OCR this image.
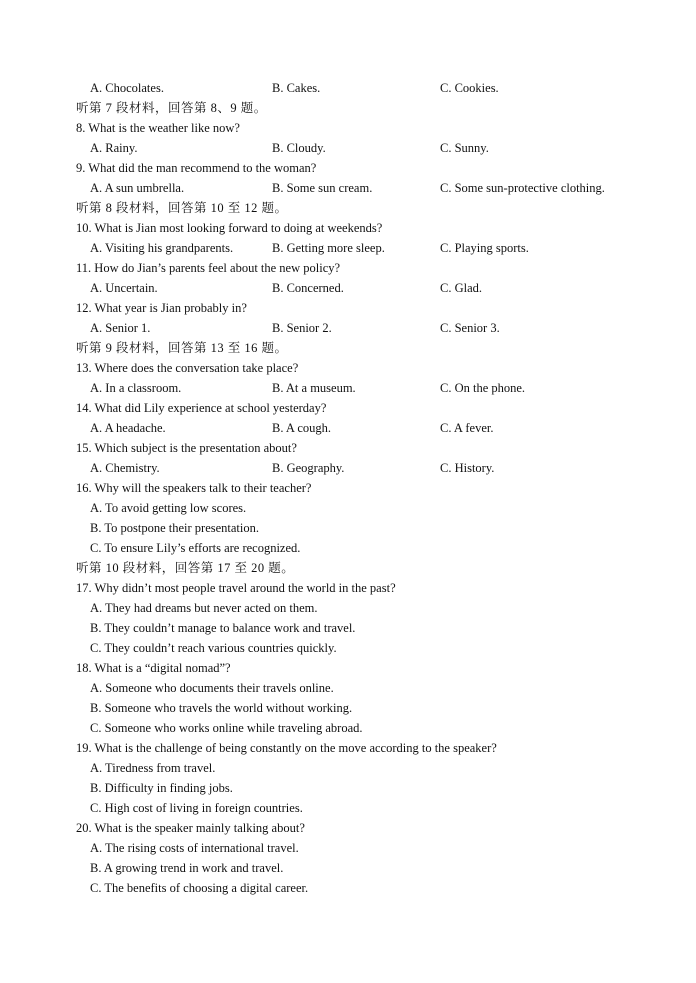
A. Chocolates.	B. Cakes.	C. Cookies.
听第 7 段材料，回答第 8、9 题。
8. What is the weather like now?
A. Rainy.	B. Cloudy.	C. Sunny.
9. What did the man recommend to the woman?
A. A sun umbrella.	B. Some sun cream.	C. Some sun-protective clothing.
听第 8 段材料，回答第 10 至 12 题。
10. What is Jian most looking forward to doing at weekends?
A. Visiting his grandparents.	B. Getting more sleep.	C. Playing sports.
11. How do Jian’s parents feel about the new policy?
A. Uncertain.	B. Concerned.	C. Glad.
12. What year is Jian probably in?
A. Senior 1.	B. Senior 2.	C. Senior 3.
听第 9 段材料，回答第 13 至 16 题。
13. Where does the conversation take place?
A. In a classroom.	B. At a museum.	C. On the phone.
14. What did Lily experience at school yesterday?
A. A headache.	B. A cough.	C. A fever.
15. Which subject is the presentation about?
A. Chemistry.	B. Geography.	C. History.
16. Why will the speakers talk to their teacher?
A. To avoid getting low scores.
B. To postpone their presentation.
C. To ensure Lily’s efforts are recognized.
听第 10 段材料，回答第 17 至 20 题。
17. Why didn’t most people travel around the world in the past?
A. They had dreams but never acted on them.
B. They couldn’t manage to balance work and travel.
C. They couldn’t reach various countries quickly.
18. What is a “digital nomad”?
A. Someone who documents their travels online.
B. Someone who travels the world without working.
C. Someone who works online while traveling abroad.
19. What is the challenge of being constantly on the move according to the speaker?
A. Tiredness from travel.
B. Difficulty in finding jobs.
C. High cost of living in foreign countries.
20. What is the speaker mainly talking about?
A. The rising costs of international travel.
B. A growing trend in work and travel.
C. The benefits of choosing a digital career.
